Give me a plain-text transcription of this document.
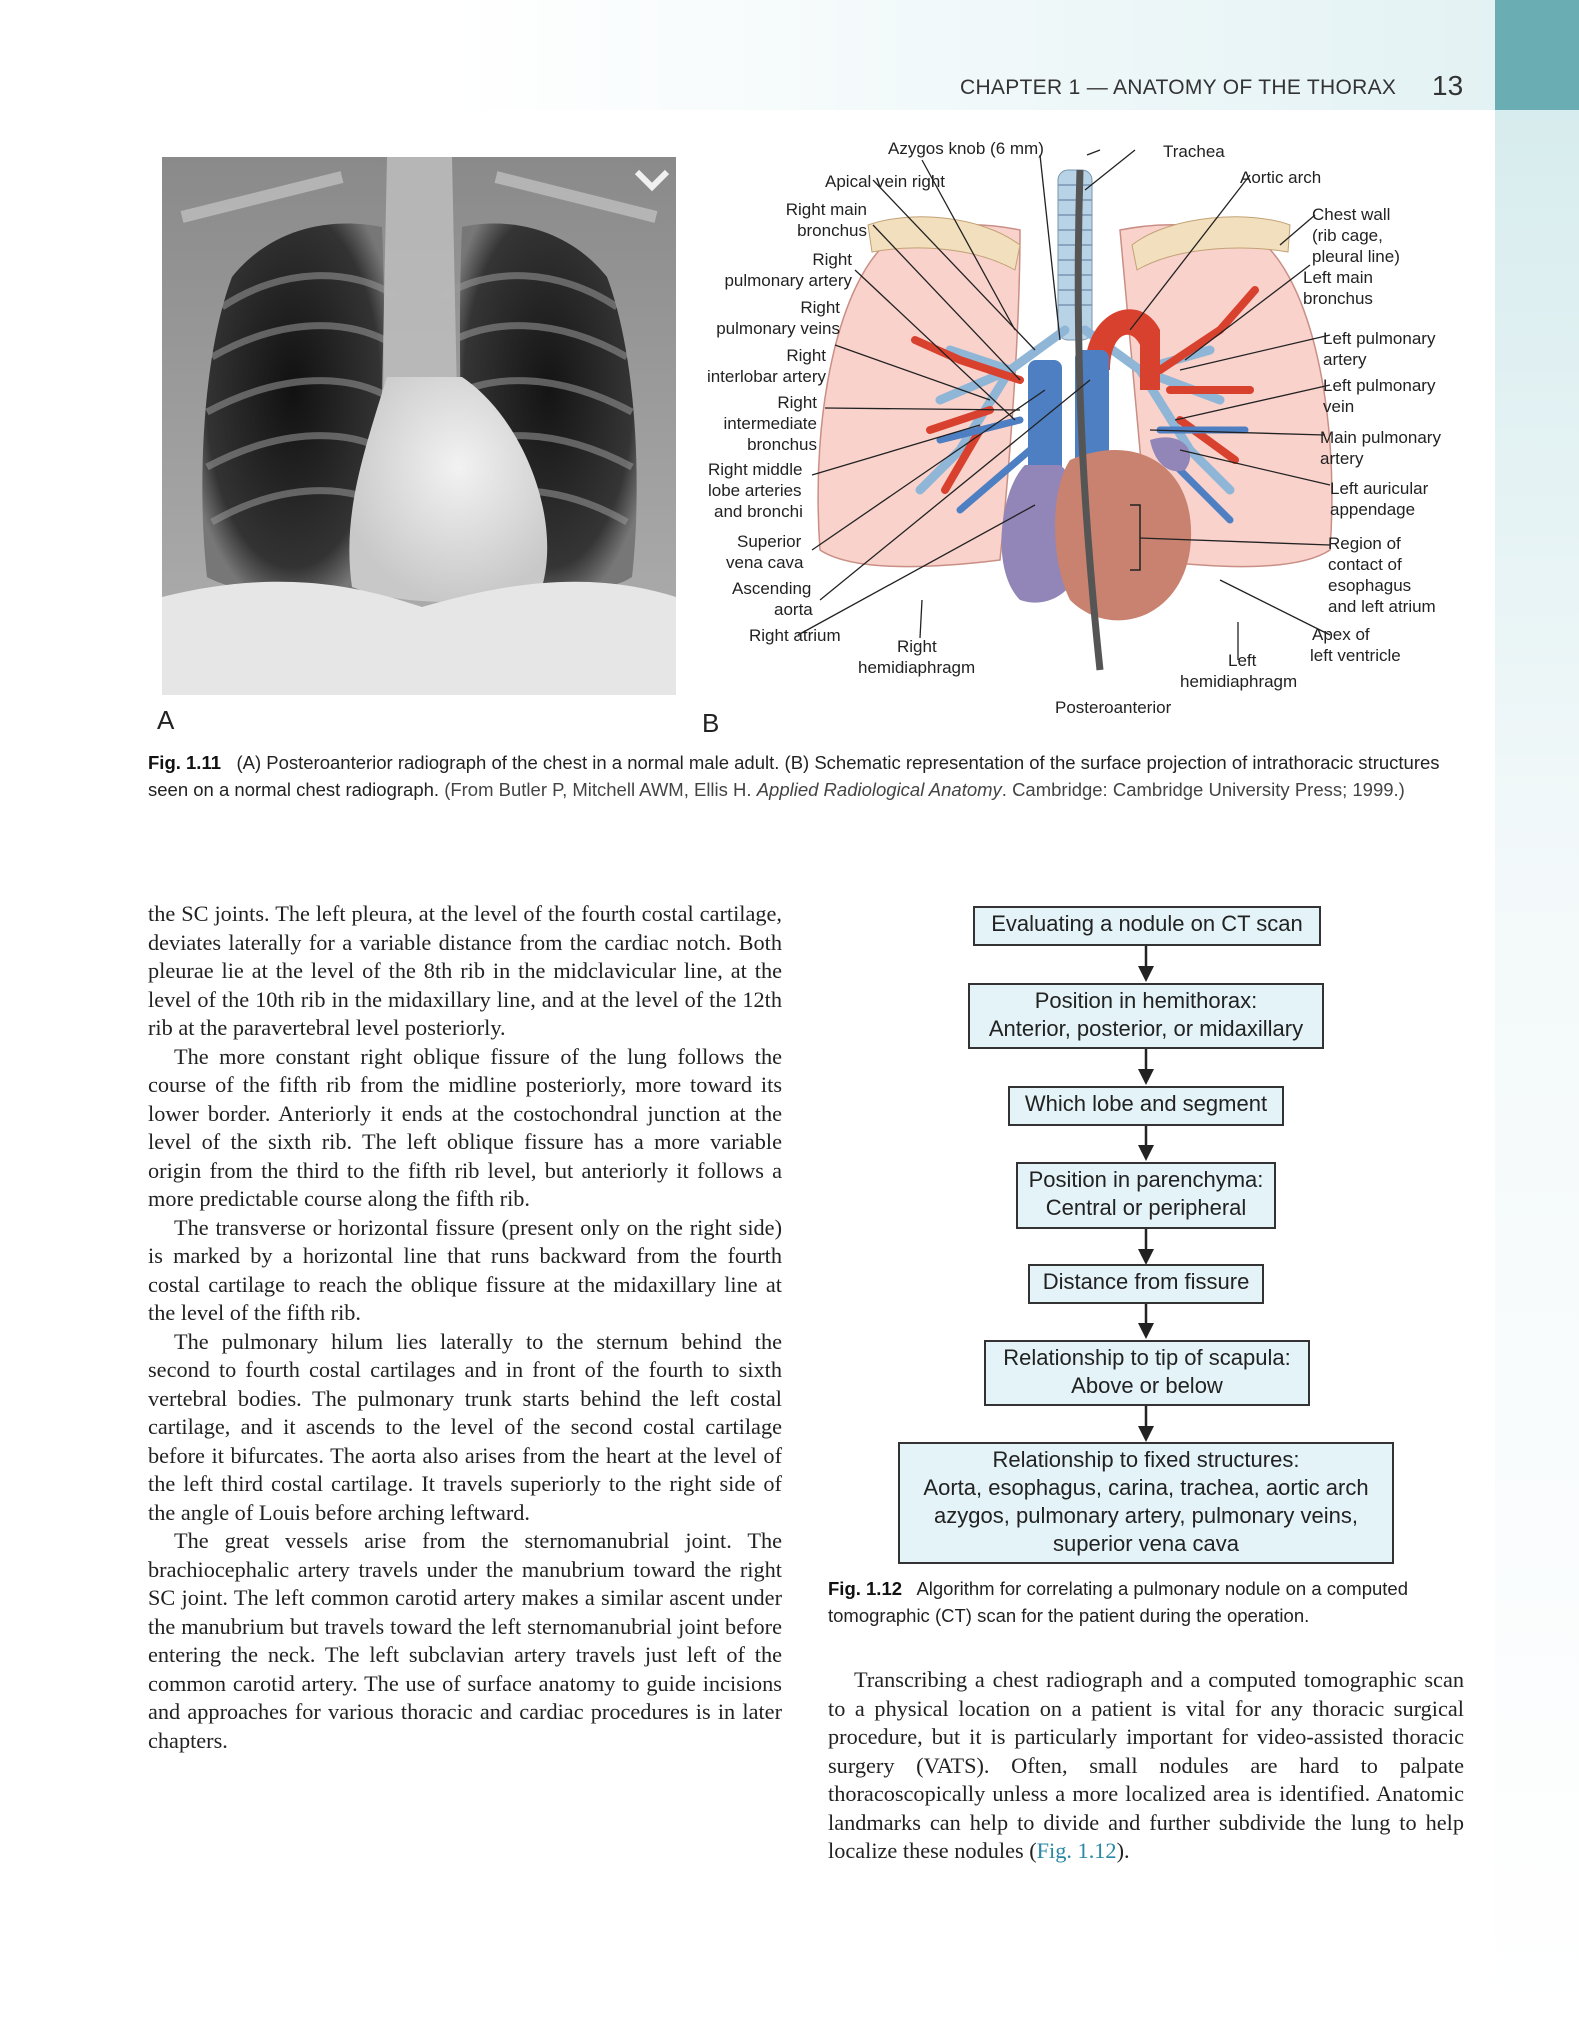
CHAPTER 1 — ANATOMY OF THE THORAX 13
A	B
Azygos knob (6 mm)	Trachea
Apical vein right	Aortic arch
Right main
bronchus
Chest wall
(rib cage,
pleural line)
Right
pulmonary artery	Left main
bronchus
Right
pulmonary veins
Left pulmonary
artery
Right
interlobar artery	Left pulmonary
vein
Right
intermediate
bronchus	Main pulmonary
artery
Right middle
lobe arteries
and bronchi
Left auricular
appendage
Superior
vena cava
Region of
contact of
esophagus
and left atrium
Ascending
aorta
Right atrium	Apex of
left ventricle
Right
hemidiaphragm	Left
hemidiaphragm
Posteroanterior
Fig. 1.11 (A) Posteroanterior radiograph of the chest in a normal male adult. (B) Schematic representation of the surface projection of intrathoracic structures seen on a normal chest radiograph. (From Butler P, Mitchell AWM, Ellis H. Applied Radiological Anatomy. Cambridge: Cambridge University Press; 1999.)

the SC joints. The left pleura, at the level of the fourth costal cartilage, deviates laterally for a variable distance from the cardiac notch. Both pleurae lie at the level of the 8th rib in the midclavicular line, at the level of the 10th rib in the midaxillary line, and at the level of the 12th rib at the paravertebral level posteriorly.

The more constant right oblique fissure of the lung follows the course of the fifth rib from the midline posteriorly, more toward its lower border. Anteriorly it ends at the costochondral junction at the level of the sixth rib. The left oblique fissure has a more variable origin from the third to the fifth rib level, but anteriorly it follows a more predictable course along the fifth rib.

The transverse or horizontal fissure (present only on the right side) is marked by a horizontal line that runs backward from the fourth costal cartilage to reach the oblique fissure at the midaxillary line at the level of the fifth rib.

The pulmonary hilum lies laterally to the sternum behind the second to fourth costal cartilages and in front of the fourth to sixth vertebral bodies. The pulmonary trunk starts behind the left costal cartilage, and it ascends to the level of the second costal cartilage before it bifurcates. The aorta also arises from the heart at the level of the left third costal cartilage. It travels superiorly to the right side of the angle of Louis before arching leftward.

The great vessels arise from the sternomanubrial joint. The brachiocephalic artery travels under the manubrium toward the right SC joint. The left common carotid artery makes a similar ascent under the manubrium but travels toward the left sternomanubrial joint before entering the neck. The left subclavian artery travels just left of the common carotid artery. The use of surface anatomy to guide incisions and approaches for various thoracic and cardiac procedures is in later chapters.

Evaluating a nodule on CT scan
Position in hemithorax:
Anterior, posterior, or midaxillary
Which lobe and segment
Position in parenchyma:
Central or peripheral
Distance from fissure
Relationship to tip of scapula:
Above or below
Relationship to fixed structures:
Aorta, esophagus, carina, trachea, aortic arch
azygos, pulmonary artery, pulmonary veins,
superior vena cava
Fig. 1.12 Algorithm for correlating a pulmonary nodule on a computed tomographic (CT) scan for the patient during the operation.

Transcribing a chest radiograph and a computed tomographic scan to a physical location on a patient is vital for any thoracic surgical procedure, but it is particularly important for video-assisted thoracic surgery (VATS). Often, small nodules are hard to palpate thoracoscopically unless a more localized area is identified. Anatomic landmarks can help to divide and further subdivide the lung to help localize these nodules (Fig. 1.12).
